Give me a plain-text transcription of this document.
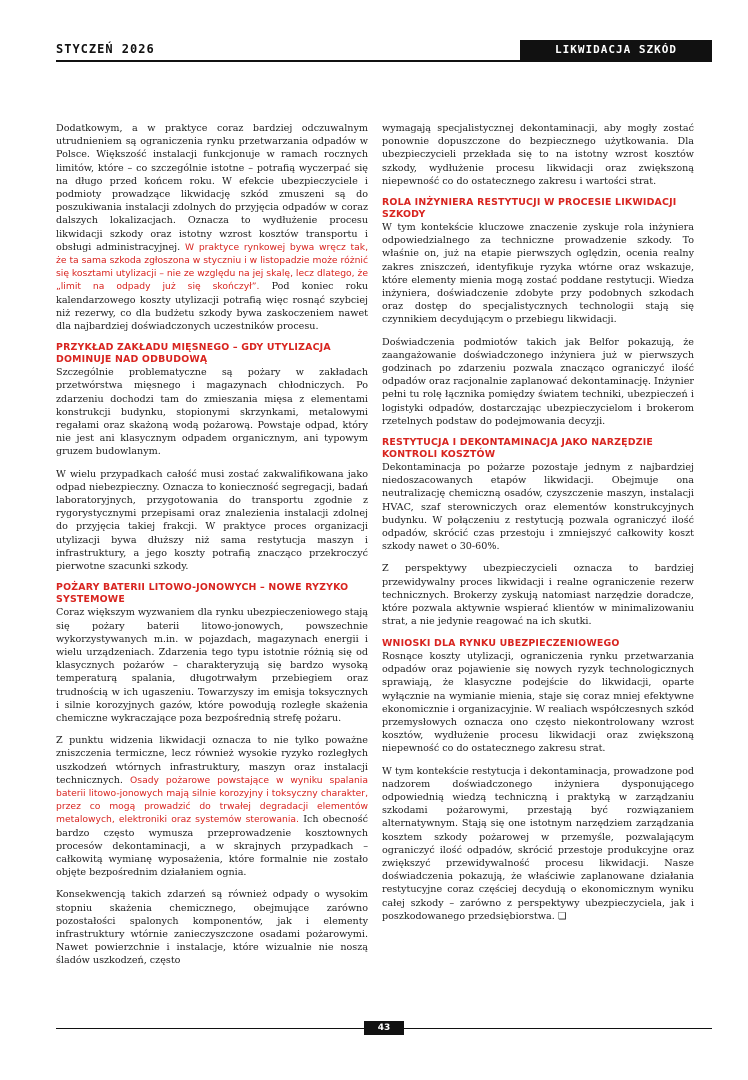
STYCZEŃ 2026	LIKWIDACJA SZKÓD

Dodatkowym, a w praktyce coraz bardziej odczuwalnym utrudnieniem są ograniczenia rynku przetwarzania odpadów w Polsce. Większość instalacji funkcjonuje w ramach rocznych limitów, które – co szczególnie istotne – potrafią wyczerpać się na długo przed końcem roku. W efekcie ubezpieczyciele i podmioty prowadzące likwidację szkód zmuszeni są do poszukiwania instalacji zdolnych do przyjęcia odpadów w coraz dalszych lokalizacjach. Oznacza to wydłużenie procesu likwidacji szkody oraz istotny wzrost kosztów transportu i obsługi administracyjnej. W praktyce rynkowej bywa wręcz tak, że ta sama szkoda zgłoszona w styczniu i w listopadzie może różnić się kosztami utylizacji – nie ze względu na jej skalę, lecz dlatego, że „limit na odpady już się skończył”. Pod koniec roku kalendarzowego koszty utylizacji potrafią więc rosnąć szybciej niż rezerwy, co dla budżetu szkody bywa zaskoczeniem nawet dla najbardziej doświadczonych uczestników procesu.

PRZYKŁAD ZAKŁADU MIĘSNEGO – GDY UTYLIZACJA DOMINUJE NAD ODBUDOWĄ

Szczególnie problematyczne są pożary w zakładach przetwórstwa mięsnego i magazynach chłodniczych. Po zdarzeniu dochodzi tam do zmieszania mięsa z elementami konstrukcji budynku, stopionymi skrzynkami, metalowymi regałami oraz skażoną wodą pożarową. Powstaje odpad, który nie jest ani klasycznym odpadem organicznym, ani typowym gruzem budowlanym.

W wielu przypadkach całość musi zostać zakwalifikowana jako odpad niebezpieczny. Oznacza to konieczność segregacji, badań laboratoryjnych, przygotowania do transportu zgodnie z rygorystycznymi przepisami oraz znalezienia instalacji zdolnej do przyjęcia takiej frakcji. W praktyce proces organizacji utylizacji bywa dłuższy niż sama restytucja maszyn i infrastruktury, a jego koszty potrafią znacząco przekroczyć pierwotne szacunki szkody.

POŻARY BATERII LITOWO-JONOWYCH – NOWE RYZYKO SYSTEMOWE

Coraz większym wyzwaniem dla rynku ubezpieczeniowego stają się pożary baterii litowo-jonowych, powszechnie wykorzystywanych m.in. w pojazdach, magazynach energii i wielu urządzeniach. Zdarzenia tego typu istotnie różnią się od klasycznych pożarów – charakteryzują się bardzo wysoką temperaturą spalania, długotrwałym przebiegiem oraz trudnością w ich ugaszeniu. Towarzyszy im emisja toksycznych i silnie korozyjnych gazów, które powodują rozległe skażenia chemiczne wykraczające poza bezpośrednią strefę pożaru.

Z punktu widzenia likwidacji oznacza to nie tylko poważne zniszczenia termiczne, lecz również wysokie ryzyko rozległych uszkodzeń wtórnych infrastruktury, maszyn oraz instalacji technicznych. Osady pożarowe powstające w wyniku spalania baterii litowo-jonowych mają silnie korozyjny i toksyczny charakter, przez co mogą prowadzić do trwałej degradacji elementów metalowych, elektroniki oraz systemów sterowania. Ich obecność bardzo często wymusza przeprowadzenie kosztownych procesów dekontaminacji, a w skrajnych przypadkach – całkowitą wymianę wyposażenia, które formalnie nie zostało objęte bezpośrednim działaniem ognia.

Konsekwencją takich zdarzeń są również odpady o wysokim stopniu skażenia chemicznego, obejmujące zarówno pozostałości spalonych komponentów, jak i elementy infrastruktury wtórnie zanieczyszczone osadami pożarowymi. Nawet powierzchnie i instalacje, które wizualnie nie noszą śladów uszkodzeń, często

wymagają specjalistycznej dekontaminacji, aby mogły zostać ponownie dopuszczone do bezpiecznego użytkowania. Dla ubezpieczycieli przekłada się to na istotny wzrost kosztów szkody, wydłużenie procesu likwidacji oraz zwiększoną niepewność co do ostatecznego zakresu i wartości strat.

ROLA INŻYNIERA RESTYTUCJI W PROCESIE LIKWIDACJI SZKODY

W tym kontekście kluczowe znaczenie zyskuje rola inżyniera odpowiedzialnego za techniczne prowadzenie szkody. To właśnie on, już na etapie pierwszych oględzin, ocenia realny zakres zniszczeń, identyfikuje ryzyka wtórne oraz wskazuje, które elementy mienia mogą zostać poddane restytucji. Wiedza inżyniera, doświadczenie zdobyte przy podobnych szkodach oraz dostęp do specjalistycznych technologii stają się czynnikiem decydującym o przebiegu likwidacji.

Doświadczenia podmiotów takich jak Belfor pokazują, że zaangażowanie doświadczonego inżyniera już w pierwszych godzinach po zdarzeniu pozwala znacząco ograniczyć ilość odpadów oraz racjonalnie zaplanować dekontaminację. Inżynier pełni tu rolę łącznika pomiędzy światem techniki, ubezpieczeń i logistyki odpadów, dostarczając ubezpieczycielom i brokerom rzetelnych podstaw do podejmowania decyzji.

RESTYTUCJA I DEKONTAMINACJA JAKO NARZĘDZIE KONTROLI KOSZTÓW

Dekontaminacja po pożarze pozostaje jednym z najbardziej niedoszacowanych etapów likwidacji. Obejmuje ona neutralizację chemiczną osadów, czyszczenie maszyn, instalacji HVAC, szaf sterowniczych oraz elementów konstrukcyjnych budynku. W połączeniu z restytucją pozwala ograniczyć ilość odpadów, skrócić czas przestoju i zmniejszyć całkowity koszt szkody nawet o 30-60%.

Z perspektywy ubezpieczycieli oznacza to bardziej przewidywalny proces likwidacji i realne ograniczenie rezerw technicznych. Brokerzy zyskują natomiast narzędzie doradcze, które pozwala aktywnie wspierać klientów w minimalizowaniu strat, a nie jedynie reagować na ich skutki.

WNIOSKI DLA RYNKU UBEZPIECZENIOWEGO

Rosnące koszty utylizacji, ograniczenia rynku przetwarzania odpadów oraz pojawienie się nowych ryzyk technologicznych sprawiają, że klasyczne podejście do likwidacji, oparte wyłącznie na wymianie mienia, staje się coraz mniej efektywne ekonomicznie i organizacyjnie. W realiach współczesnych szkód przemysłowych oznacza ono często niekontrolowany wzrost kosztów, wydłużenie procesu likwidacji oraz zwiększoną niepewność co do ostatecznego zakresu strat.

W tym kontekście restytucja i dekontaminacja, prowadzone pod nadzorem doświadczonego inżyniera dysponującego odpowiednią wiedzą techniczną i praktyką w zarządzaniu szkodami pożarowymi, przestają być rozwiązaniem alternatywnym. Stają się one istotnym narzędziem zarządzania kosztem szkody pożarowej w przemyśle, pozwalającym ograniczyć ilość odpadów, skrócić przestoje produkcyjne oraz zwiększyć przewidywalność procesu likwidacji. Nasze doświadczenia pokazują, że właściwie zaplanowane działania restytucyjne coraz częściej decydują o ekonomicznym wyniku całej szkody – zarówno z perspektywy ubezpieczyciela, jak i poszkodowanego przedsiębiorstwa. ❏

43
